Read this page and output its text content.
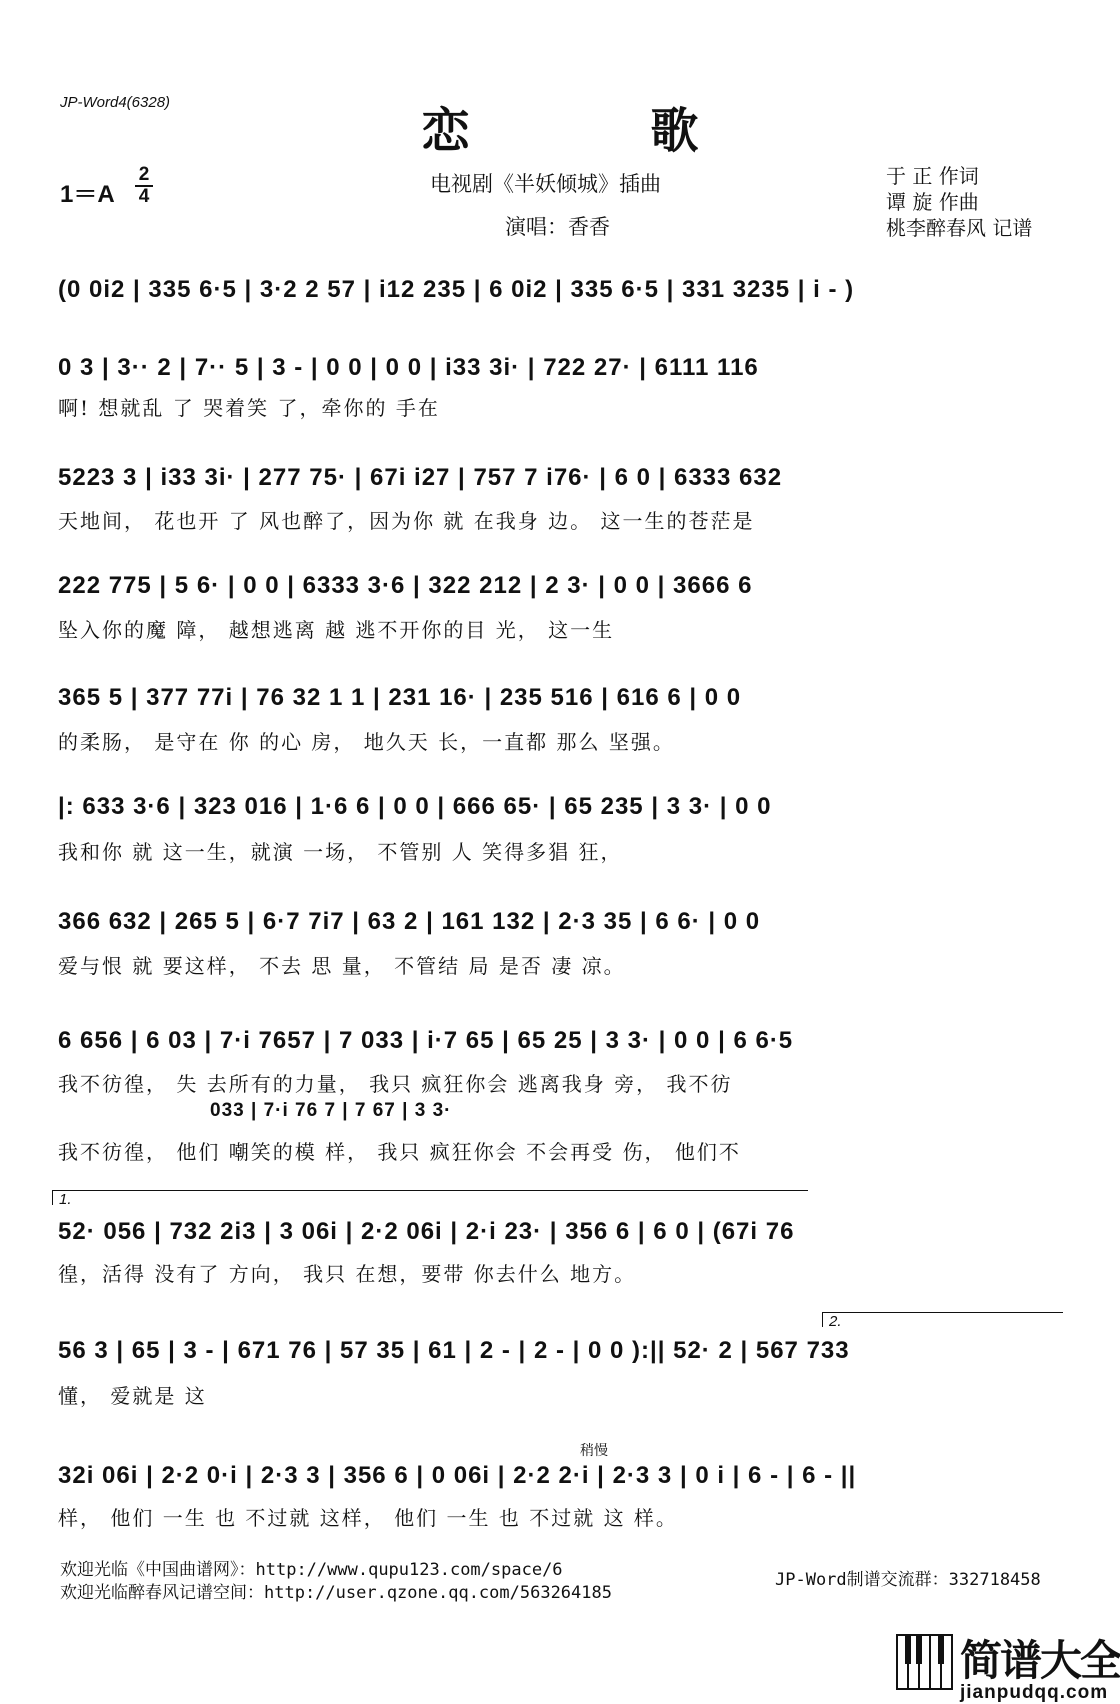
JP-Word4(6328)
恋 歌
电视剧《半妖倾城》插曲
演唱：香香
1＝A
2
4
于 正 作词
谭 旋 作曲
桃李醉春风 记谱
(0 0i2 | 335 6·5 | 3·2 2 57 | i12 235 | 6 0i2 | 335 6·5 | 331 3235 | i - )
0 3 | 3·· 2 | 7·· 5 | 3 - | 0 0 | 0 0 | i33 3i· | 722 27· | 6111 116
啊! 想就乱 了 哭着笑 了，牵你的 手在
5223 3 | i33 3i· | 277 75· | 67i i27 | 757 7 i76· | 6 0 | 6333 632
天地间， 花也开 了 风也醉了，因为你 就 在我身 边。 这一生的苍茫是
222 775 | 5 6· | 0 0 | 6333 3·6 | 322 212 | 2 3· | 0 0 | 3666 6
坠入你的魔 障， 越想逃离 越 逃不开你的目 光， 这一生
365 5 | 377 77i | 76 32 1 1 | 231 16· | 235 516 | 616 6 | 0 0
的柔肠， 是守在 你 的心 房， 地久天 长，一直都 那么 坚强。
|: 633 3·6 | 323 016 | 1·6 6 | 0 0 | 666 65· | 65 235 | 3 3· | 0 0
我和你 就 这一生，就演 一场， 不管别 人 笑得多猖 狂，
366 632 | 265 5 | 6·7 7i7 | 63 2 | 161 132 | 2·3 35 | 6 6· | 0 0
爱与恨 就 要这样， 不去 思 量， 不管结 局 是否 凄 凉。
6 656 | 6 03 | 7·i 7657 | 7 033 | i·7 65 | 65 25 | 3 3· | 0 0 | 6 6·5
我不彷徨， 失 去所有的力量， 我只 疯狂你会 逃离我身 旁， 我不彷
033 | 7·i 76 7 | 7 67 | 3 3·
我不彷徨， 他们 嘲笑的模 样， 我只 疯狂你会 不会再受 伤， 他们不
1.
52· 056 | 732 2i3 | 3 06i | 2·2 06i | 2·i 23· | 356 6 | 6 0 | (67i 76
徨，活得 没有了 方向， 我只 在想，要带 你去什么 地方。
2.
56 3 | 65 | 3 - | 671 76 | 57 35 | 61 | 2 - | 2 - | 0 0 ):|| 52· 2 | 567 733
懂， 爱就是 这
稍慢
32i 06i | 2·2 0·i | 2·3 3 | 356 6 | 0 06i | 2·2 2·i | 2·3 3 | 0 i | 6 - | 6 - ||
样， 他们 一生 也 不过就 这样， 他们 一生 也 不过就 这 样。
欢迎光临《中国曲谱网》：http://www.qupu123.com/space/6
欢迎光临醉春风记谱空间：http://user.qzone.qq.com/563264185
JP-Word制谱交流群：332718458
简谱大全
jianpudqq.com
